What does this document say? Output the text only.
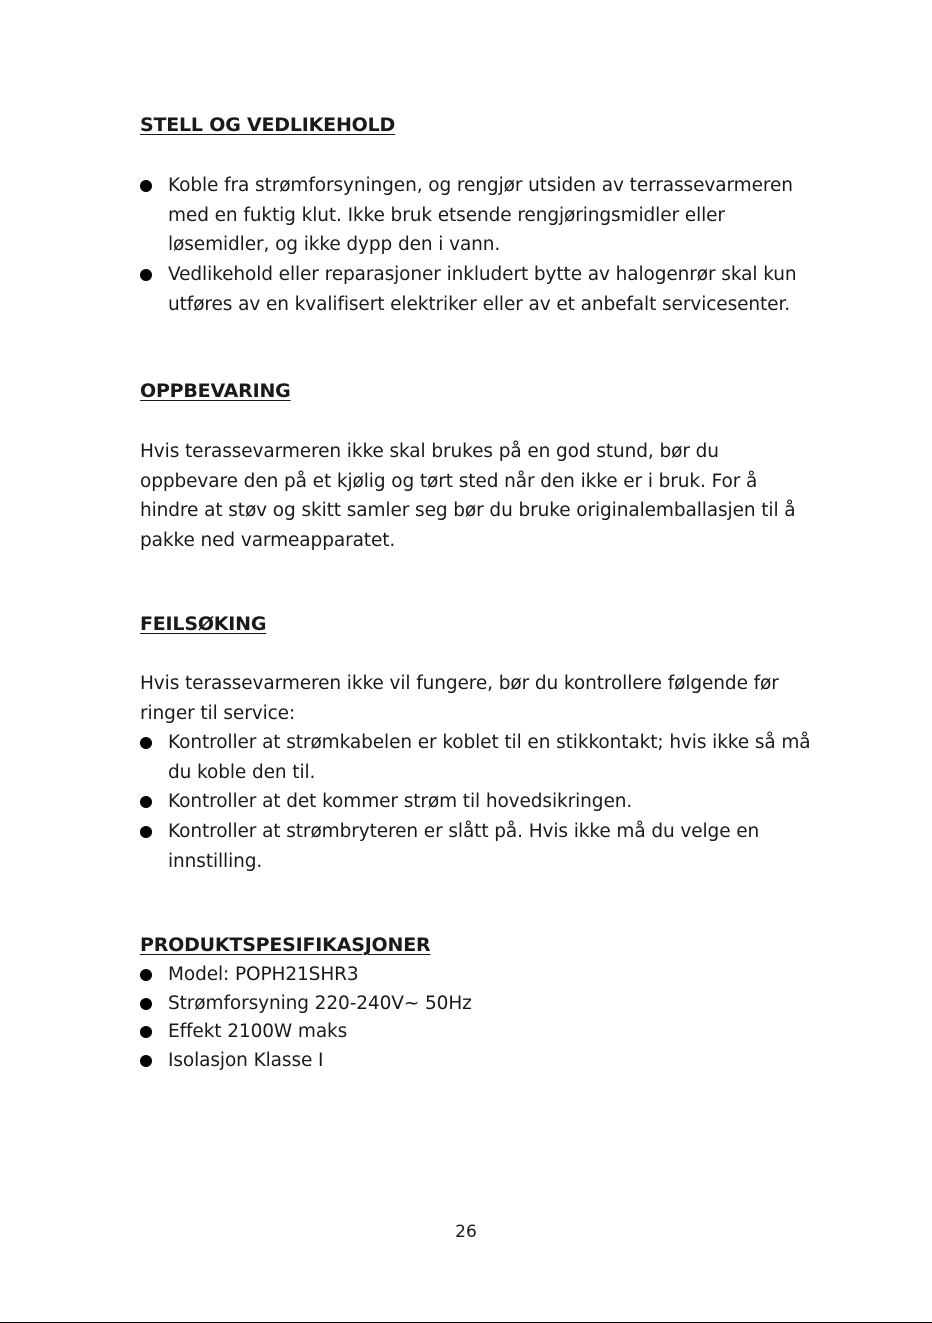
STELL OG VEDLIKEHOLD
Koble fra strømforsyningen, og rengjør utsiden av terrassevarmeren med en fuktig klut. Ikke bruk etsende rengjøringsmidler eller løsemidler, og ikke dypp den i vann.
Vedlikehold eller reparasjoner inkludert bytte av halogenrør skal kun utføres av en kvalifisert elektriker eller av et anbefalt servicesenter.
OPPBEVARING

Hvis terassevarmeren ikke skal brukes på en god stund, bør du oppbevare den på et kjølig og tørt sted når den ikke er i bruk. For å hindre at støv og skitt samler seg bør du bruke originalemballasjen til å pakke ned varmeapparatet.

FEILSØKING

Hvis terassevarmeren ikke vil fungere, bør du kontrollere følgende før ringer til service:

Kontroller at strømkabelen er koblet til en stikkontakt; hvis ikke så må du koble den til.
Kontroller at det kommer strøm til hovedsikringen.
Kontroller at strømbryteren er slått på. Hvis ikke må du velge en innstilling.
PRODUKTSPESIFIKASJONER
Model: POPH21SHR3
Strømforsyning 220-240V~ 50Hz
Effekt 2100W maks
Isolasjon Klasse I
26
